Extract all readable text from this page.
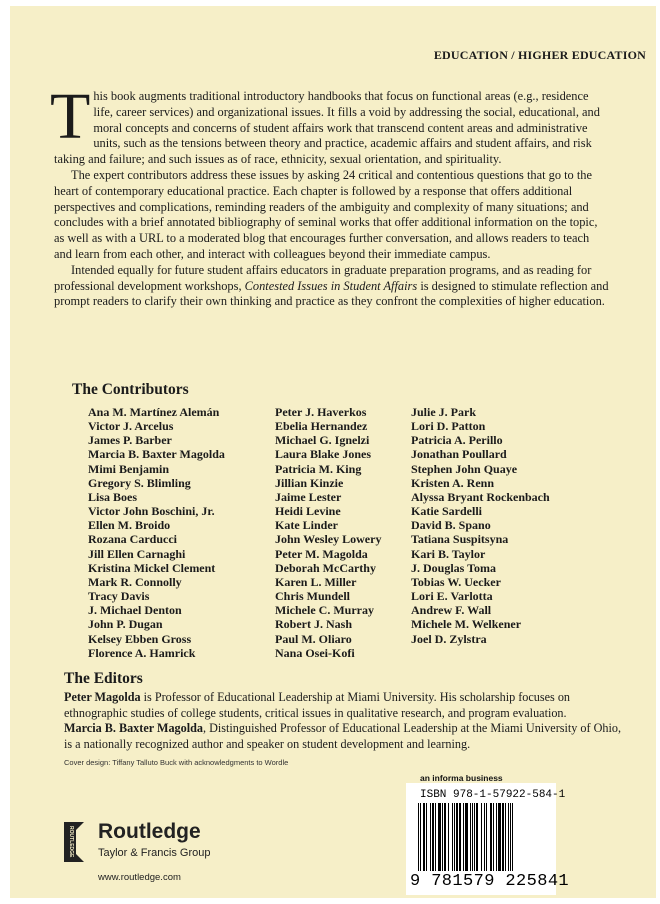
EDUCATION / HIGHER EDUCATION

This book augments traditional introductory handbooks that focus on functional areas (e.g., residence life, career services) and organizational issues. It fills a void by addressing the social, educational, and moral concepts and concerns of student affairs work that transcend content areas and administrative units, such as the tensions between theory and practice, academic affairs and student affairs, and risk taking and failure; and such issues as of race, ethnicity, sexual orientation, and spirituality.

The expert contributors address these issues by asking 24 critical and contentious questions that go to the heart of contemporary educational practice. Each chapter is followed by a response that offers additional perspectives and complications, reminding readers of the ambiguity and complexity of many situations; and concludes with a brief annotated bibliography of seminal works that offer additional information on the topic, as well as with a URL to a moderated blog that encourages further conversation, and allows readers to teach and learn from each other, and interact with colleagues beyond their immediate campus.

Intended equally for future student affairs educators in graduate preparation programs, and as reading for professional development workshops, Contested Issues in Student Affairs is designed to stimulate reflection and prompt readers to clarify their own thinking and practice as they confront the complexities of higher education.

The Contributors
Ana M. Martínez Alemán
Victor J. Arcelus
James P. Barber
Marcia B. Baxter Magolda
Mimi Benjamin
Gregory S. Blimling
Lisa Boes
Victor John Boschini, Jr.
Ellen M. Broido
Rozana Carducci
Jill Ellen Carnaghi
Kristina Mickel Clement
Mark R. Connolly
Tracy Davis
J. Michael Denton
John P. Dugan
Kelsey Ebben Gross
Florence A. Hamrick
Peter J. Haverkos
Ebelia Hernandez
Michael G. Ignelzi
Laura Blake Jones
Patricia M. King
Jillian Kinzie
Jaime Lester
Heidi Levine
Kate Linder
John Wesley Lowery
Peter M. Magolda
Deborah McCarthy
Karen L. Miller
Chris Mundell
Michele C. Murray
Robert J. Nash
Paul M. Oliaro
Nana Osei-Kofi
Julie J. Park
Lori D. Patton
Patricia A. Perillo
Jonathan Poullard
Stephen John Quaye
Kristen A. Renn
Alyssa Bryant Rockenbach
Katie Sardelli
David B. Spano
Tatiana Suspitsyna
Kari B. Taylor
J. Douglas Toma
Tobias W. Uecker
Lori E. Varlotta
Andrew F. Wall
Michele M. Welkener
Joel D. Zylstra
The Editors

Peter Magolda is Professor of Educational Leadership at Miami University. His scholarship focuses on ethnographic studies of college students, critical issues in qualitative research, and program evaluation.

Marcia B. Baxter Magolda, Distinguished Professor of Educational Leadership at the Miami University of Ohio, is a nationally recognized author and speaker on student development and learning.

Cover design: Tiffany Talluto Buck with acknowledgments to Wordle
ROUTLEDGE Routledge
Taylor & Francis Group
www.routledge.com
an informa business
ISBN 978-1-57922-584-1
9 781579 225841
